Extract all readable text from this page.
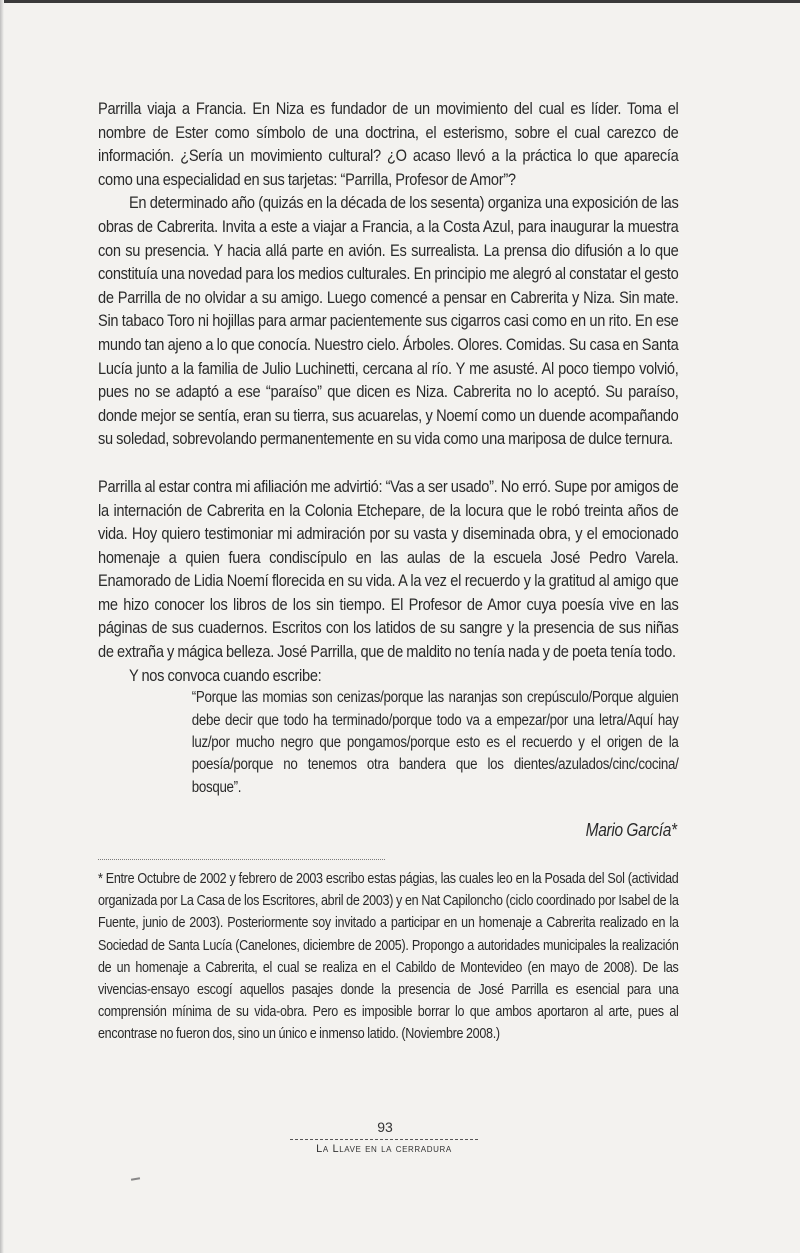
Parrilla viaja a Francia. En Niza es fundador de un movimiento del cual es líder. Toma el nombre de Ester como símbolo de una doctrina, el esterismo, sobre el cual carezco de información. ¿Sería un movimiento cultural? ¿O acaso llevó a la práctica lo que aparecía como una especialidad en sus tarjetas: “Parrilla, Profesor de Amor”?

En determinado año (quizás en la década de los sesenta) organiza una exposición de las obras de Cabrerita. Invita a este a viajar a Francia, a la Costa Azul, para inaugurar la muestra con su presencia. Y hacia allá parte en avión. Es surrealista. La prensa dio difusión a lo que constituía una novedad para los medios culturales. En principio me alegró al constatar el gesto de Parrilla de no olvidar a su amigo. Luego comencé a pensar en Cabrerita y Niza. Sin mate. Sin tabaco Toro ni hojillas para armar pacientemente sus cigarros casi como en un rito. En ese mundo tan ajeno a lo que conocía. Nuestro cielo. Árboles. Olores. Comidas. Su casa en Santa Lucía junto a la familia de Julio Luchinetti, cercana al río. Y me asusté. Al poco tiempo volvió, pues no se adaptó a ese “paraíso” que dicen es Niza. Cabrerita no lo aceptó. Su paraíso, donde mejor se sentía, eran su tierra, sus acuarelas, y Noemí como un duende acompañando su soledad, sobrevolando permanentemente en su vida como una mariposa de dulce ternura.

Parrilla al estar contra mi afiliación me advirtió: “Vas a ser usado”. No erró. Supe por amigos de la internación de Cabrerita en la Colonia Etchepare, de la locura que le robó treinta años de vida. Hoy quiero testimoniar mi admiración por su vasta y diseminada obra, y el emocionado homenaje a quien fuera condiscípulo en las aulas de la escuela José Pedro Varela. Enamorado de Lidia Noemí florecida en su vida. A la vez el recuerdo y la gratitud al amigo que me hizo conocer los libros de los sin tiempo. El Profesor de Amor cuya poesía vive en las páginas de sus cuadernos. Escritos con los latidos de su sangre y la presencia de sus niñas de extraña y mágica belleza. José Parrilla, que de maldito no tenía nada y de poeta tenía todo.

Y nos convoca cuando escribe:

“Porque las momias son cenizas/porque las naranjas son crepúsculo/Porque alguien debe decir que todo ha terminado/porque todo va a empezar/por una letra/Aquí hay luz/por mucho negro que pongamos/porque esto es el recuerdo y el origen de la poesía/porque no tenemos otra bandera que los dientes/azulados/cinc/cocina/ bosque”.

Mario García*

* Entre Octubre de 2002 y febrero de 2003 escribo estas págias, las cuales leo en la Posada del Sol (actividad organizada por La Casa de los Escritores, abril de 2003) y en Nat Capiloncho (ciclo coordinado por Isabel de la Fuente, junio de 2003). Posteriormente soy invitado a participar en un homenaje a Cabrerita realizado en la Sociedad de Santa Lucía (Canelones, diciembre de 2005). Propongo a autoridades municipales la realización de un homenaje a Cabrerita, el cual se realiza en el Cabildo de Montevideo (en mayo de 2008). De las vivencias-ensayo escogí aquellos pasajes donde la presencia de José Parrilla es esencial para una comprensión mínima de su vida-obra. Pero es imposible borrar lo que ambos aportaron al arte, pues al encontrase no fueron dos, sino un único e inmenso latido. (Noviembre 2008.)

93
La Llave en la cerradura
